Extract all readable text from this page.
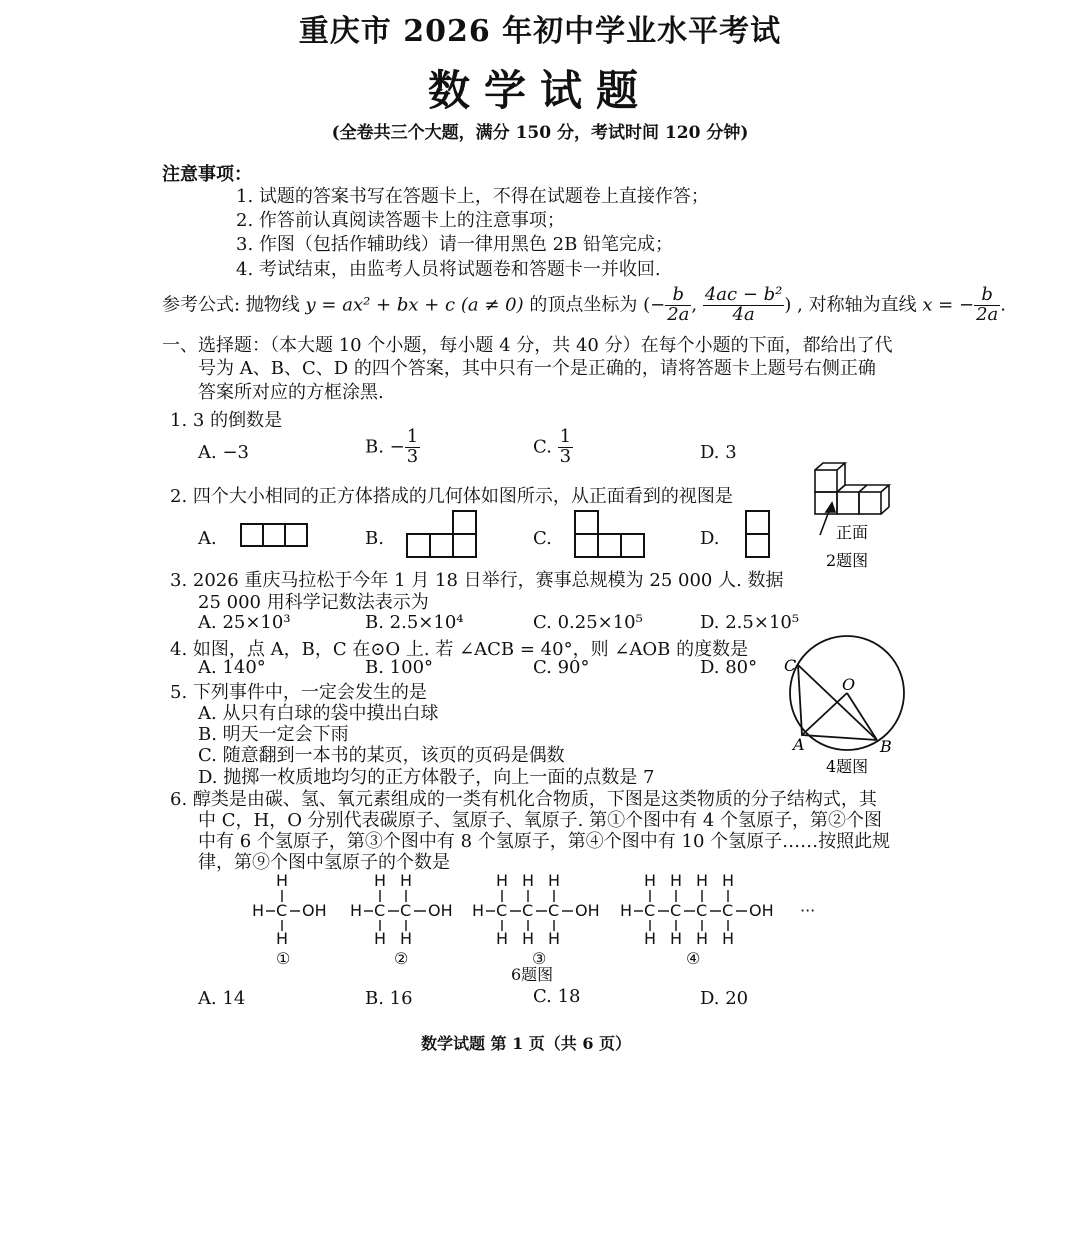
重庆市 2026 年初中学业水平考试
数学试题
(全卷共三个大题，满分 150 分，考试时间 120 分钟)
注意事项：
1. 试题的答案书写在答题卡上，不得在试题卷上直接作答；
2. 作答前认真阅读答题卡上的注意事项；
3. 作图（包括作辅助线）请一律用黑色 2B 铅笔完成；
4. 考试结束，由监考人员将试题卷和答题卡一并收回.
参考公式: 抛物线 y = ax² + bx + c (a ≠ 0) 的顶点坐标为 (− $\frac{b}{2a}$ , $\frac{\text{4ac − b²}}{4a}$ ) , 对称轴为直线 x = − $\frac{b}{2a}$ .
一、选择题：（本大题 10 个小题，每小题 4 分，共 40 分）在每个小题的下面，都给出了代
号为 A、B、C、D 的四个答案，其中只有一个是正确的，请将答题卡上题号右侧正确
答案所对应的方框涂黑.
1. 3 的倒数是
A. −3	B. − $\frac{1}{3}$	C. $\frac{1}{3}$	D. 3
2. 四个大小相同的正方体搭成的几何体如图所示，从正面看到的视图是
A.	B.	C.	D.	正面
2题图
C
O
A	B
4题图
3. 2026 重庆马拉松于今年 1 月 18 日举行，赛事总规模为 25 000 人. 数据
25 000 用科学记数法表示为
A. 25×10³	B. 2.5×10⁴	C. 0.25×10⁵	D. 2.5×10⁵
4. 如图，点 A，B，C 在⊙O 上. 若 ∠ACB = 40°，则 ∠AOB 的度数是
A. 140°	B. 100°	C. 90°	D. 80°
5. 下列事件中，一定会发生的是
A. 从只有白球的袋中摸出白球
B. 明天一定会下雨
C. 随意翻到一本书的某页，该页的页码是偶数
D. 抛掷一枚质地均匀的正方体骰子，向上一面的点数是 7
6. 醇类是由碳、氢、氧元素组成的一类有机化合物质，下图是这类物质的分子结构式，其
中 C，H，O 分别代表碳原子、氢原子、氧原子. 第①个图中有 4 个氢原子，第②个图
中有 6 个氢原子，第③个图中有 8 个氢原子，第④个图中有 10 个氢原子……按照此规
律，第⑨个图中氢原子的个数是
H
H C OH
H
H H
H C C OH
H H
H H H
H C C C OH
H H H
H H H H
H C C C C OH
H H H H
···
①	②	③	④
6题图
A. 14	B. 16	C. 18	D. 20
数学试题 第 1 页（共 6 页）
